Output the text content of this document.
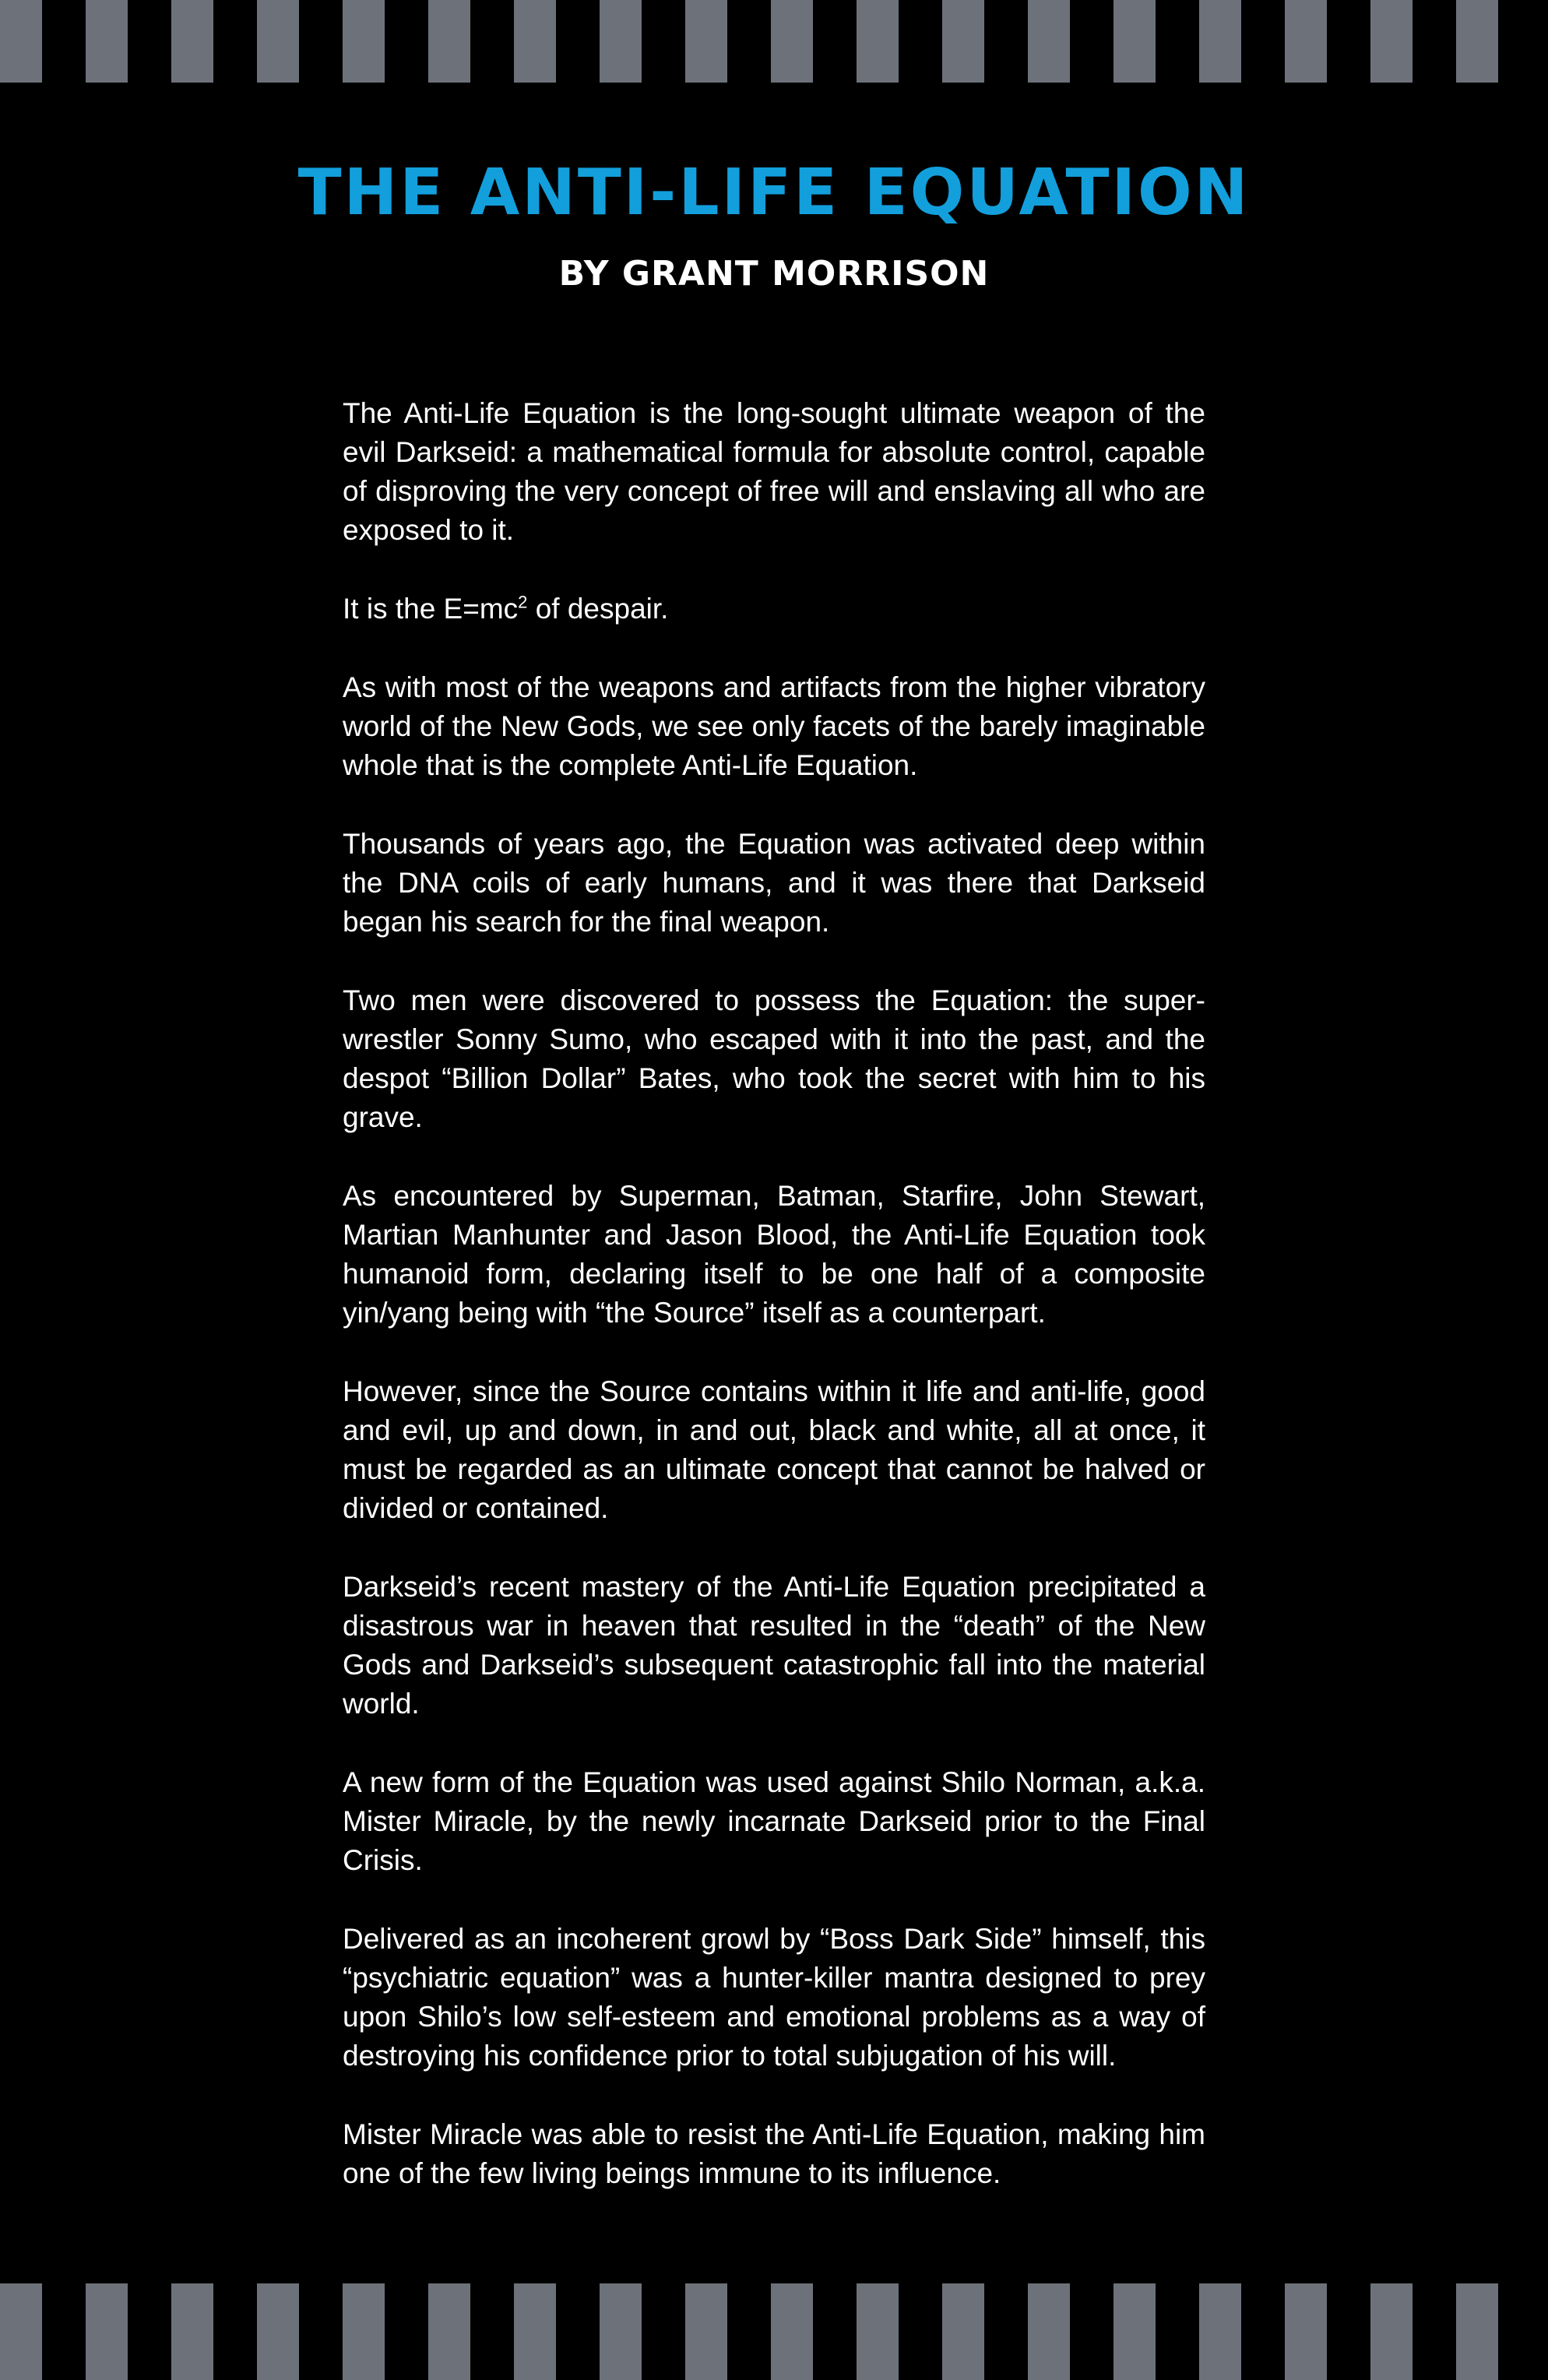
THE ANTI-LIFE EQUATION
BY GRANT MORRISON

The Anti-Life Equation is the long-sought ultimate weapon of the evil Darkseid: a mathematical formula for absolute control, capable of disproving the very concept of free will and enslaving all who are exposed to it.

It is the $E=mc^2$ of despair.

As with most of the weapons and artifacts from the higher vibratory world of the New Gods, we see only facets of the barely imaginable whole that is the complete Anti-Life Equation.

Thousands of years ago, the Equation was activated deep within the DNA coils of early humans, and it was there that Darkseid began his search for the final weapon.

Two men were discovered to possess the Equation: the super-wrestler Sonny Sumo, who escaped with it into the past, and the despot “Billion Dollar” Bates, who took the secret with him to his grave.

As encountered by Superman, Batman, Starfire, John Stewart, Martian Manhunter and Jason Blood, the Anti-Life Equation took humanoid form, declaring itself to be one half of a composite yin/yang being with “the Source” itself as a counterpart.

However, since the Source contains within it life and anti-life, good and evil, up and down, in and out, black and white, all at once, it must be regarded as an ultimate concept that cannot be halved or divided or contained.

Darkseid’s recent mastery of the Anti-Life Equation precipitated a disastrous war in heaven that resulted in the “death” of the New Gods and Darkseid’s subsequent catastrophic fall into the material world.

A new form of the Equation was used against Shilo Norman, a.k.a. Mister Miracle, by the newly incarnate Darkseid prior to the Final Crisis.

Delivered as an incoherent growl by “Boss Dark Side” himself, this “psychiatric equation” was a hunter-killer mantra designed to prey upon Shilo’s low self-esteem and emotional problems as a way of destroying his confidence prior to total subjugation of his will.

Mister Miracle was able to resist the Anti-Life Equation, making him one of the few living beings immune to its influence.
